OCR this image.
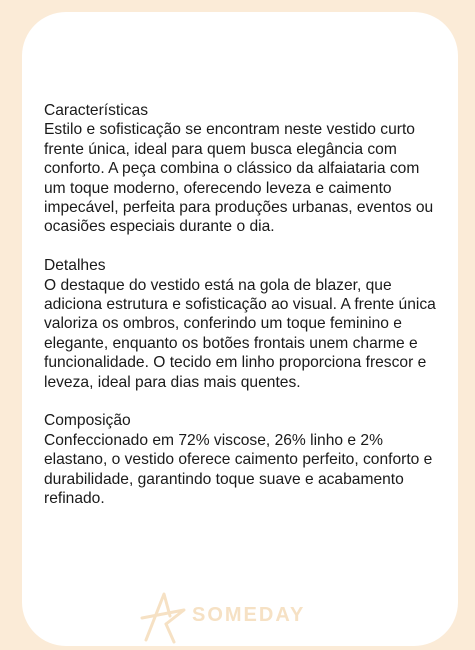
Características
Estilo e sofisticação se encontram neste vestido curto frente única, ideal para quem busca elegância com conforto. A peça combina o clássico da alfaiataria com um toque moderno, oferecendo leveza e caimento impecável, perfeita para produções urbanas, eventos ou ocasiões especiais durante o dia.
Detalhes
O destaque do vestido está na gola de blazer, que adiciona estrutura e sofisticação ao visual. A frente única valoriza os ombros, conferindo um toque feminino e elegante, enquanto os botões frontais unem charme e funcionalidade. O tecido em linho proporciona frescor e leveza, ideal para dias mais quentes.
Composição
Confeccionado em 72% viscose, 26% linho e 2% elastano, o vestido oferece caimento perfeito, conforto e durabilidade, garantindo toque suave e acabamento refinado.
SOMEDAY
